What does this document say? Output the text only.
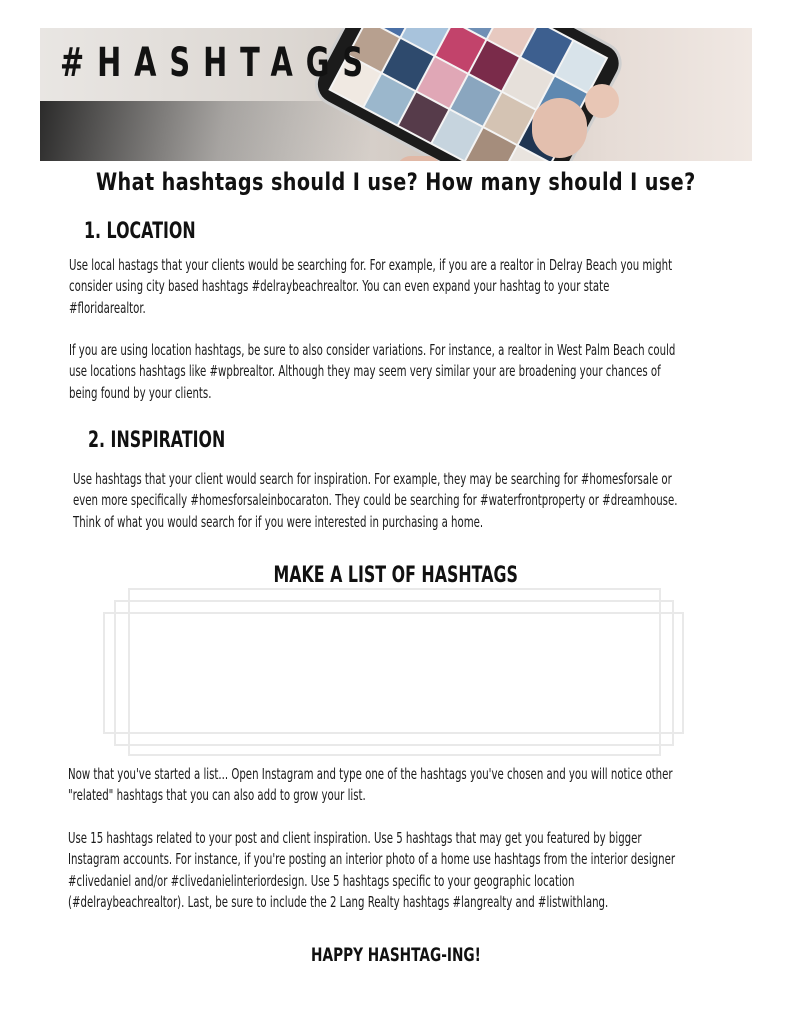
#HASHTAGS
What hashtags should I use? How many should I use?
1. LOCATION

Use local hastags that your clients would be searching for. For example, if you are a realtor in Delray Beach you might
consider using city based hashtags #delraybeachrealtor. You can even expand your hashtag to your state
#floridarealtor.

If you are using location hashtags, be sure to also consider variations. For instance, a realtor in West Palm Beach could
use locations hashtags like #wpbrealtor. Although they may seem very similar your are broadening your chances of
being found by your clients.

2. INSPIRATION

Use hashtags that your client would search for inspiration. For example, they may be searching for #homesforsale or
even more specifically #homesforsaleinbocaraton. They could be searching for #waterfrontproperty or #dreamhouse.
Think of what you would search for if you were interested in purchasing a home.

MAKE A LIST OF HASHTAGS

Now that you've started a list... Open Instagram and type one of the hashtags you've chosen and you will notice other
"related" hashtags that you can also add to grow your list.

Use 15 hashtags related to your post and client inspiration. Use 5 hashtags that may get you featured by bigger
Instagram accounts. For instance, if you're posting an interior photo of a home use hashtags from the interior designer
#clivedaniel and/or #clivedanielinteriordesign. Use 5 hashtags specific to your geographic location
(#delraybeachrealtor). Last, be sure to include the 2 Lang Realty hashtags #langrealty and #listwithlang.

HAPPY HASHTAG-ING!
